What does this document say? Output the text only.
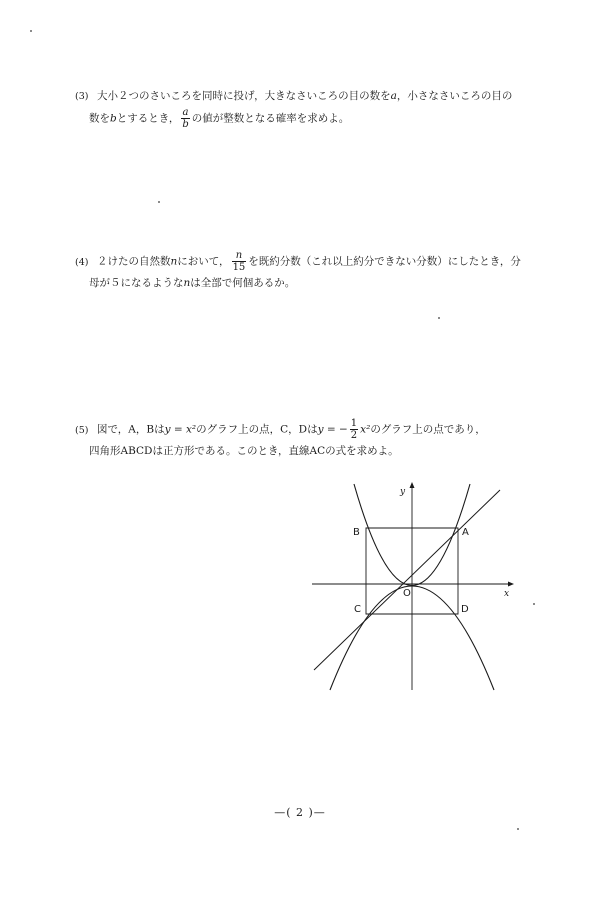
(3) 大小２つのさいころを同時に投げ，大きなさいころの目の数をa，小さなさいころの目の
数をbとするとき， $\frac{a}{b}$ の値が整数となる確率を求めよ。
(4) ２けたの自然数nにおいて， $\frac{n}{15}$ を既約分数（これ以上約分できない分数）にしたとき，分
母が５になるようなnは全部で何個あるか。
(5) 図で，A，Bはy = x²のグラフ上の点，C，Dはy = − $\frac{1}{2} x^2$のグラフ上の点であり，
四角形ABCDは正方形である。このとき，直線ACの式を求めよ。
A
B
C	D
O	x
y
—( 2 )—
